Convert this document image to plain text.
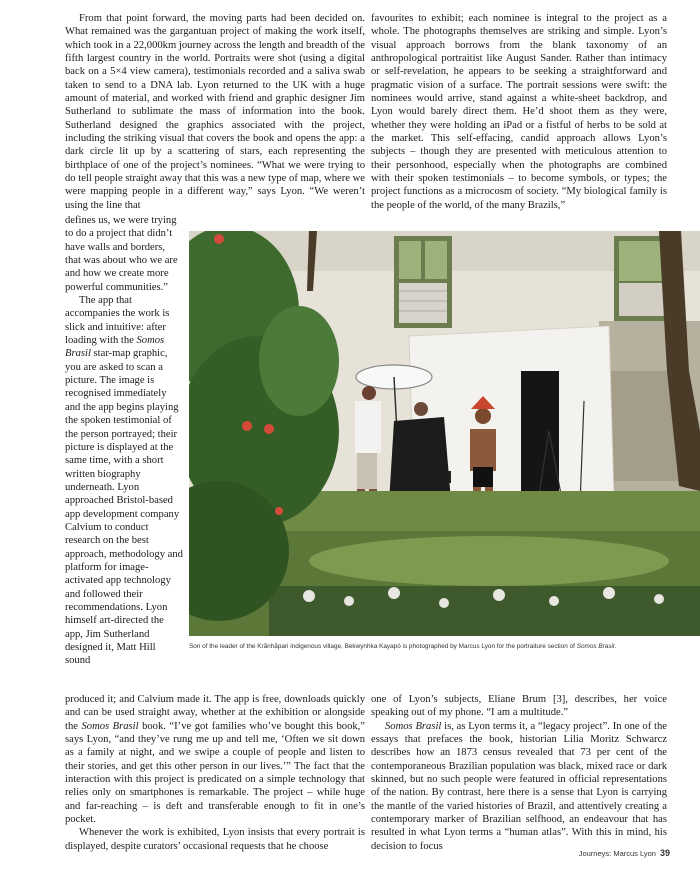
From that point forward, the moving parts had been decided on. What remained was the gargantuan project of making the work itself, which took in a 22,000km journey across the length and breadth of the fifth largest country in the world. Portraits were shot (using a digital back on a 5×4 view camera), testimonials recorded and a saliva swab taken to send to a DNA lab. Lyon returned to the UK with a huge amount of material, and worked with friend and graphic designer Jim Sutherland to sublimate the mass of information into the book. Sutherland designed the graphics associated with the project, including the striking visual that covers the book and opens the app: a dark circle lit up by a scattering of stars, each representing the birthplace of one of the project’s nominees. “What we were trying to do tell people straight away that this was a new type of map, where we were mapping people in a different way,” says Lyon. “We weren’t using the line that

favourites to exhibit; each nominee is integral to the project as a whole. The photographs themselves are striking and simple. Lyon’s visual approach borrows from the blank taxonomy of an anthropological portraitist like August Sander. Rather than intimacy or self-revelation, he appears to be seeking a straightforward and pragmatic vision of a surface. The portrait sessions were swift: the nominees would arrive, stand against a white-sheet backdrop, and Lyon would barely direct them. He’d shoot them as they were, whether they were holding an iPad or a fistful of herbs to be sold at the market. This self-effacing, candid approach allows Lyon’s subjects – though they are presented with meticulous attention to their personhood, especially when the photographs are combined with their spoken testimonials – to become symbols, or types; the project functions as a microcosm of society. “My biological family is the people of the world, of the many Brazils,”

defines us, we were trying to do a project that didn’t have walls and borders, that was about who we are and how we create more powerful communities.”

The app that accompanies the work is slick and intuitive: after loading with the Somos Brasil star-map graphic, you are asked to scan a picture. The image is recognised immediately and the app begins playing the spoken testimonial of the person portrayed; their picture is displayed at the same time, with a short written biography underneath. Lyon approached Bristol-based app development company Calvium to conduct research on the best approach, methodology and platform for image-activated app technology and followed their recommendations. Lyon himself art-directed the app, Jim Sutherland designed it, Matt Hill sound

Son of the leader of the Krãnhãpari indigenous village, Bekwynhka Kayapó is photographed by Marcus Lyon for the portraiture section of Somos Brasil.

produced it; and Calvium made it. The app is free, downloads quickly and can be used straight away, whether at the exhibition or alongside the Somos Brasil book. “I’ve got families who’ve bought this book,” says Lyon, “and they’ve rung me up and tell me, ‘Often we sit down as a family at night, and we swipe a couple of people and listen to their stories, and get this other person in our lives.’” The fact that the interaction with this project is predicated on a simple technology that relies only on smartphones is remarkable. The project – while huge and far-reaching – is deft and transferable enough to fit in one’s pocket.

Whenever the work is exhibited, Lyon insists that every portrait is displayed, despite curators’ occasional requests that he choose

one of Lyon’s subjects, Eliane Brum [3], describes, her voice speaking out of my phone. “I am a multitude.”

Somos Brasil is, as Lyon terms it, a “legacy project”. In one of the essays that prefaces the book, historian Lilia Moritz Schwarcz describes how an 1873 census revealed that 73 per cent of the contemporaneous Brazilian population was black, mixed race or dark skinned, but no such people were featured in official representations of the nation. By contrast, here there is a sense that Lyon is carrying the mantle of the varied histories of Brazil, and attentively creating a contemporary marker of Brazilian selfhood, an endeavour that has resulted in what Lyon terms a “human atlas”. With this in mind, his decision to focus

Journeys: Marcus Lyon 39
